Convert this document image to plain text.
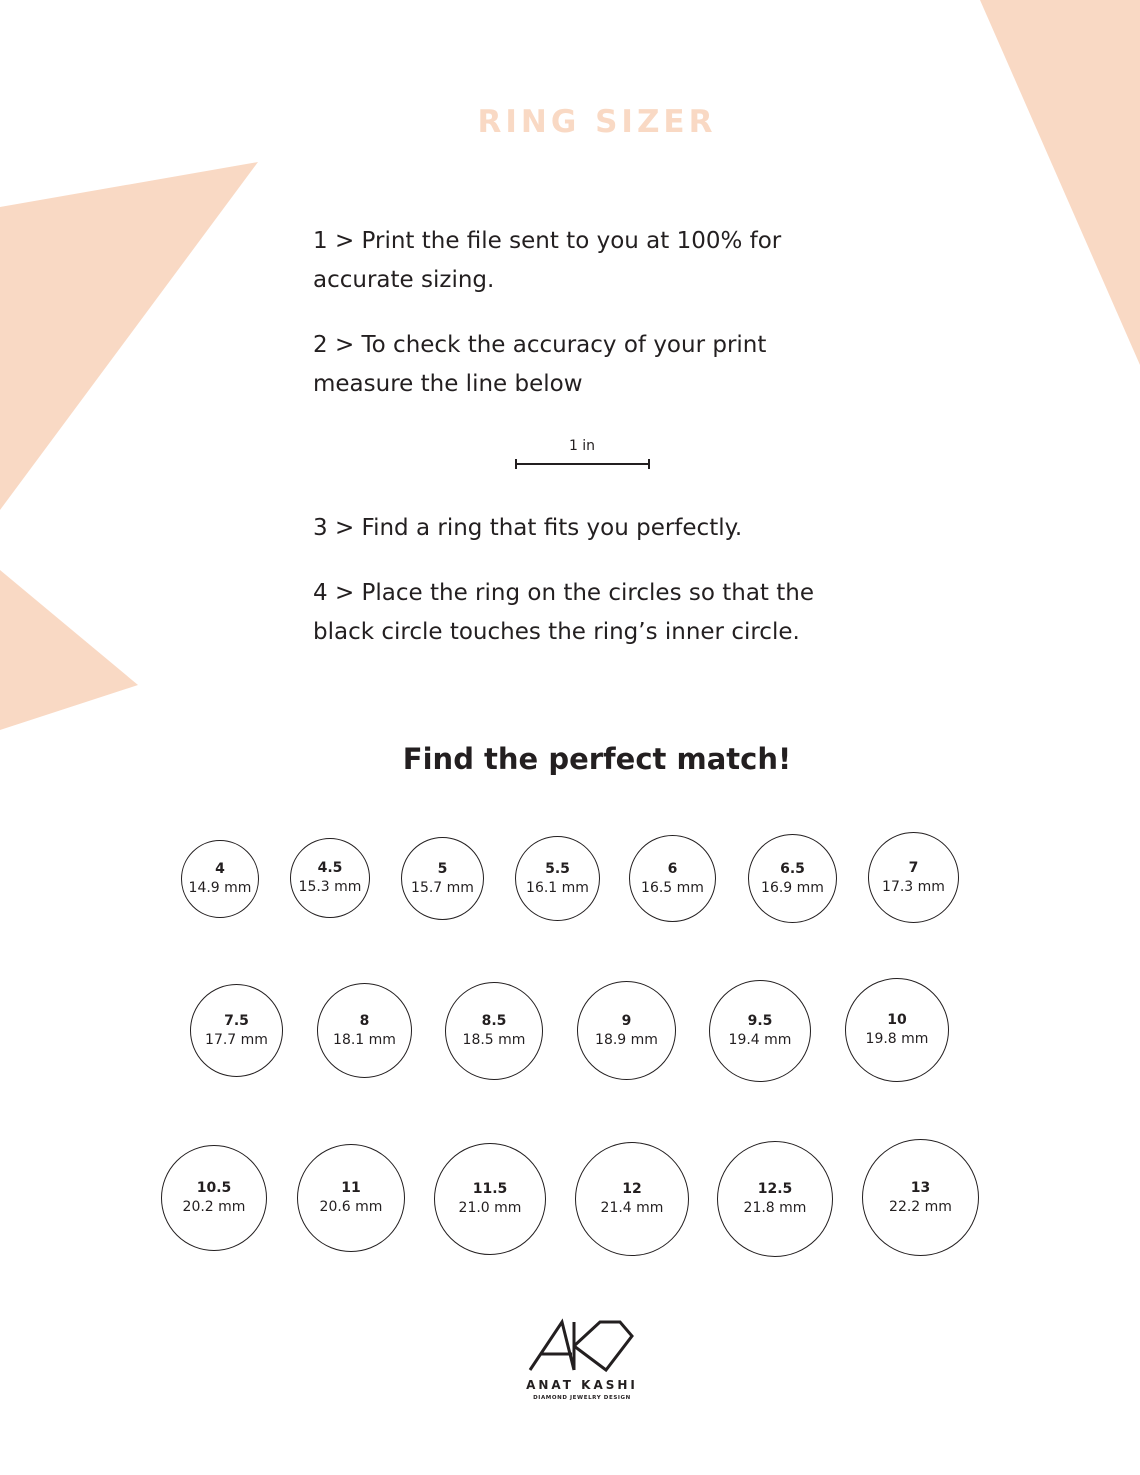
RING SIZER
1 > Print the file sent to you at 100% for accurate sizing.
2 > To check the accuracy of your print measure the line below
1 in
3 > Find a ring that fits you perfectly.
4 > Place the ring on the circles so that the black circle touches the ring’s inner circle.
Find the perfect match!
4
14.9 mm
4.5
15.3 mm
5
15.7 mm
5.5
16.1 mm
6
16.5 mm
6.5
16.9 mm
7
17.3 mm
7.5
17.7 mm
8
18.1 mm
8.5
18.5 mm
9
18.9 mm
9.5
19.4 mm
10
19.8 mm
10.5
20.2 mm
11
20.6 mm
11.5
21.0 mm
12
21.4 mm
12.5
21.8 mm
13
22.2 mm
ANAT KASHI
DIAMOND JEWELRY DESIGN
